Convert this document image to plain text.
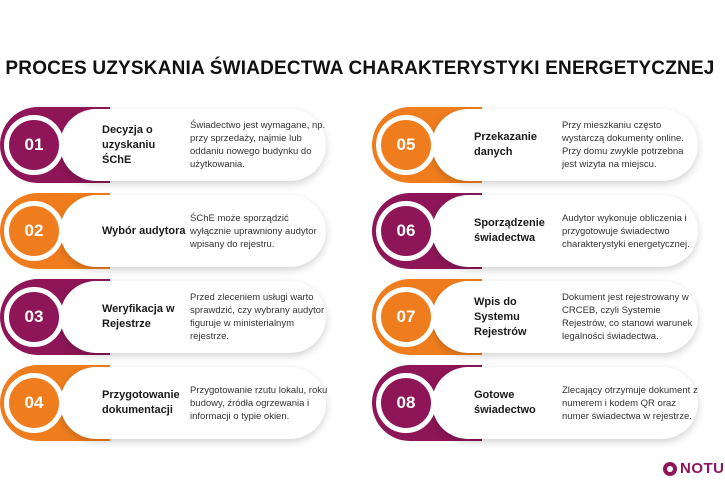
PROCES UZYSKANIA ŚWIADECTWA CHARAKTERYSTYKI ENERGETYCZNEJ
01
Decyzja o uzyskaniu ŚChE
Świadectwo jest wymagane, np. przy sprzedaży, najmie lub oddaniu nowego budynku do użytkowania.
02	Wybór audytora
ŚChE może sporządzić wyłącznie uprawniony audytor wpisany do rejestru.
03	Weryfikacja w Rejestrze
Przed zleceniem usługi warto sprawdzić, czy wybrany audytor figuruje w ministerialnym rejestrze.
04	Przygotowanie dokumentacji
Przygotowanie rzutu lokalu, roku budowy, źródła ogrzewania i informacji o typie okien.
05	Przekazanie danych
Przy mieszkaniu często wystarczą dokumenty online. Przy domu zwykle potrzebna jest wizyta na miejscu.
06	Sporządzenie świadectwa
Audytor wykonuje obliczenia i przygotowuje świadectwo charakterystyki energetycznej.
07
Wpis do Systemu Rejestrów
Dokument jest rejestrowany w CRCEB, czyli Systemie Rejestrów, co stanowi warunek legalności świadectwa.
08	Gotowe świadectwo
Zlecający otrzymuje dokument z numerem i kodem QR oraz numer świadectwa w rejestrze.
NOTU
